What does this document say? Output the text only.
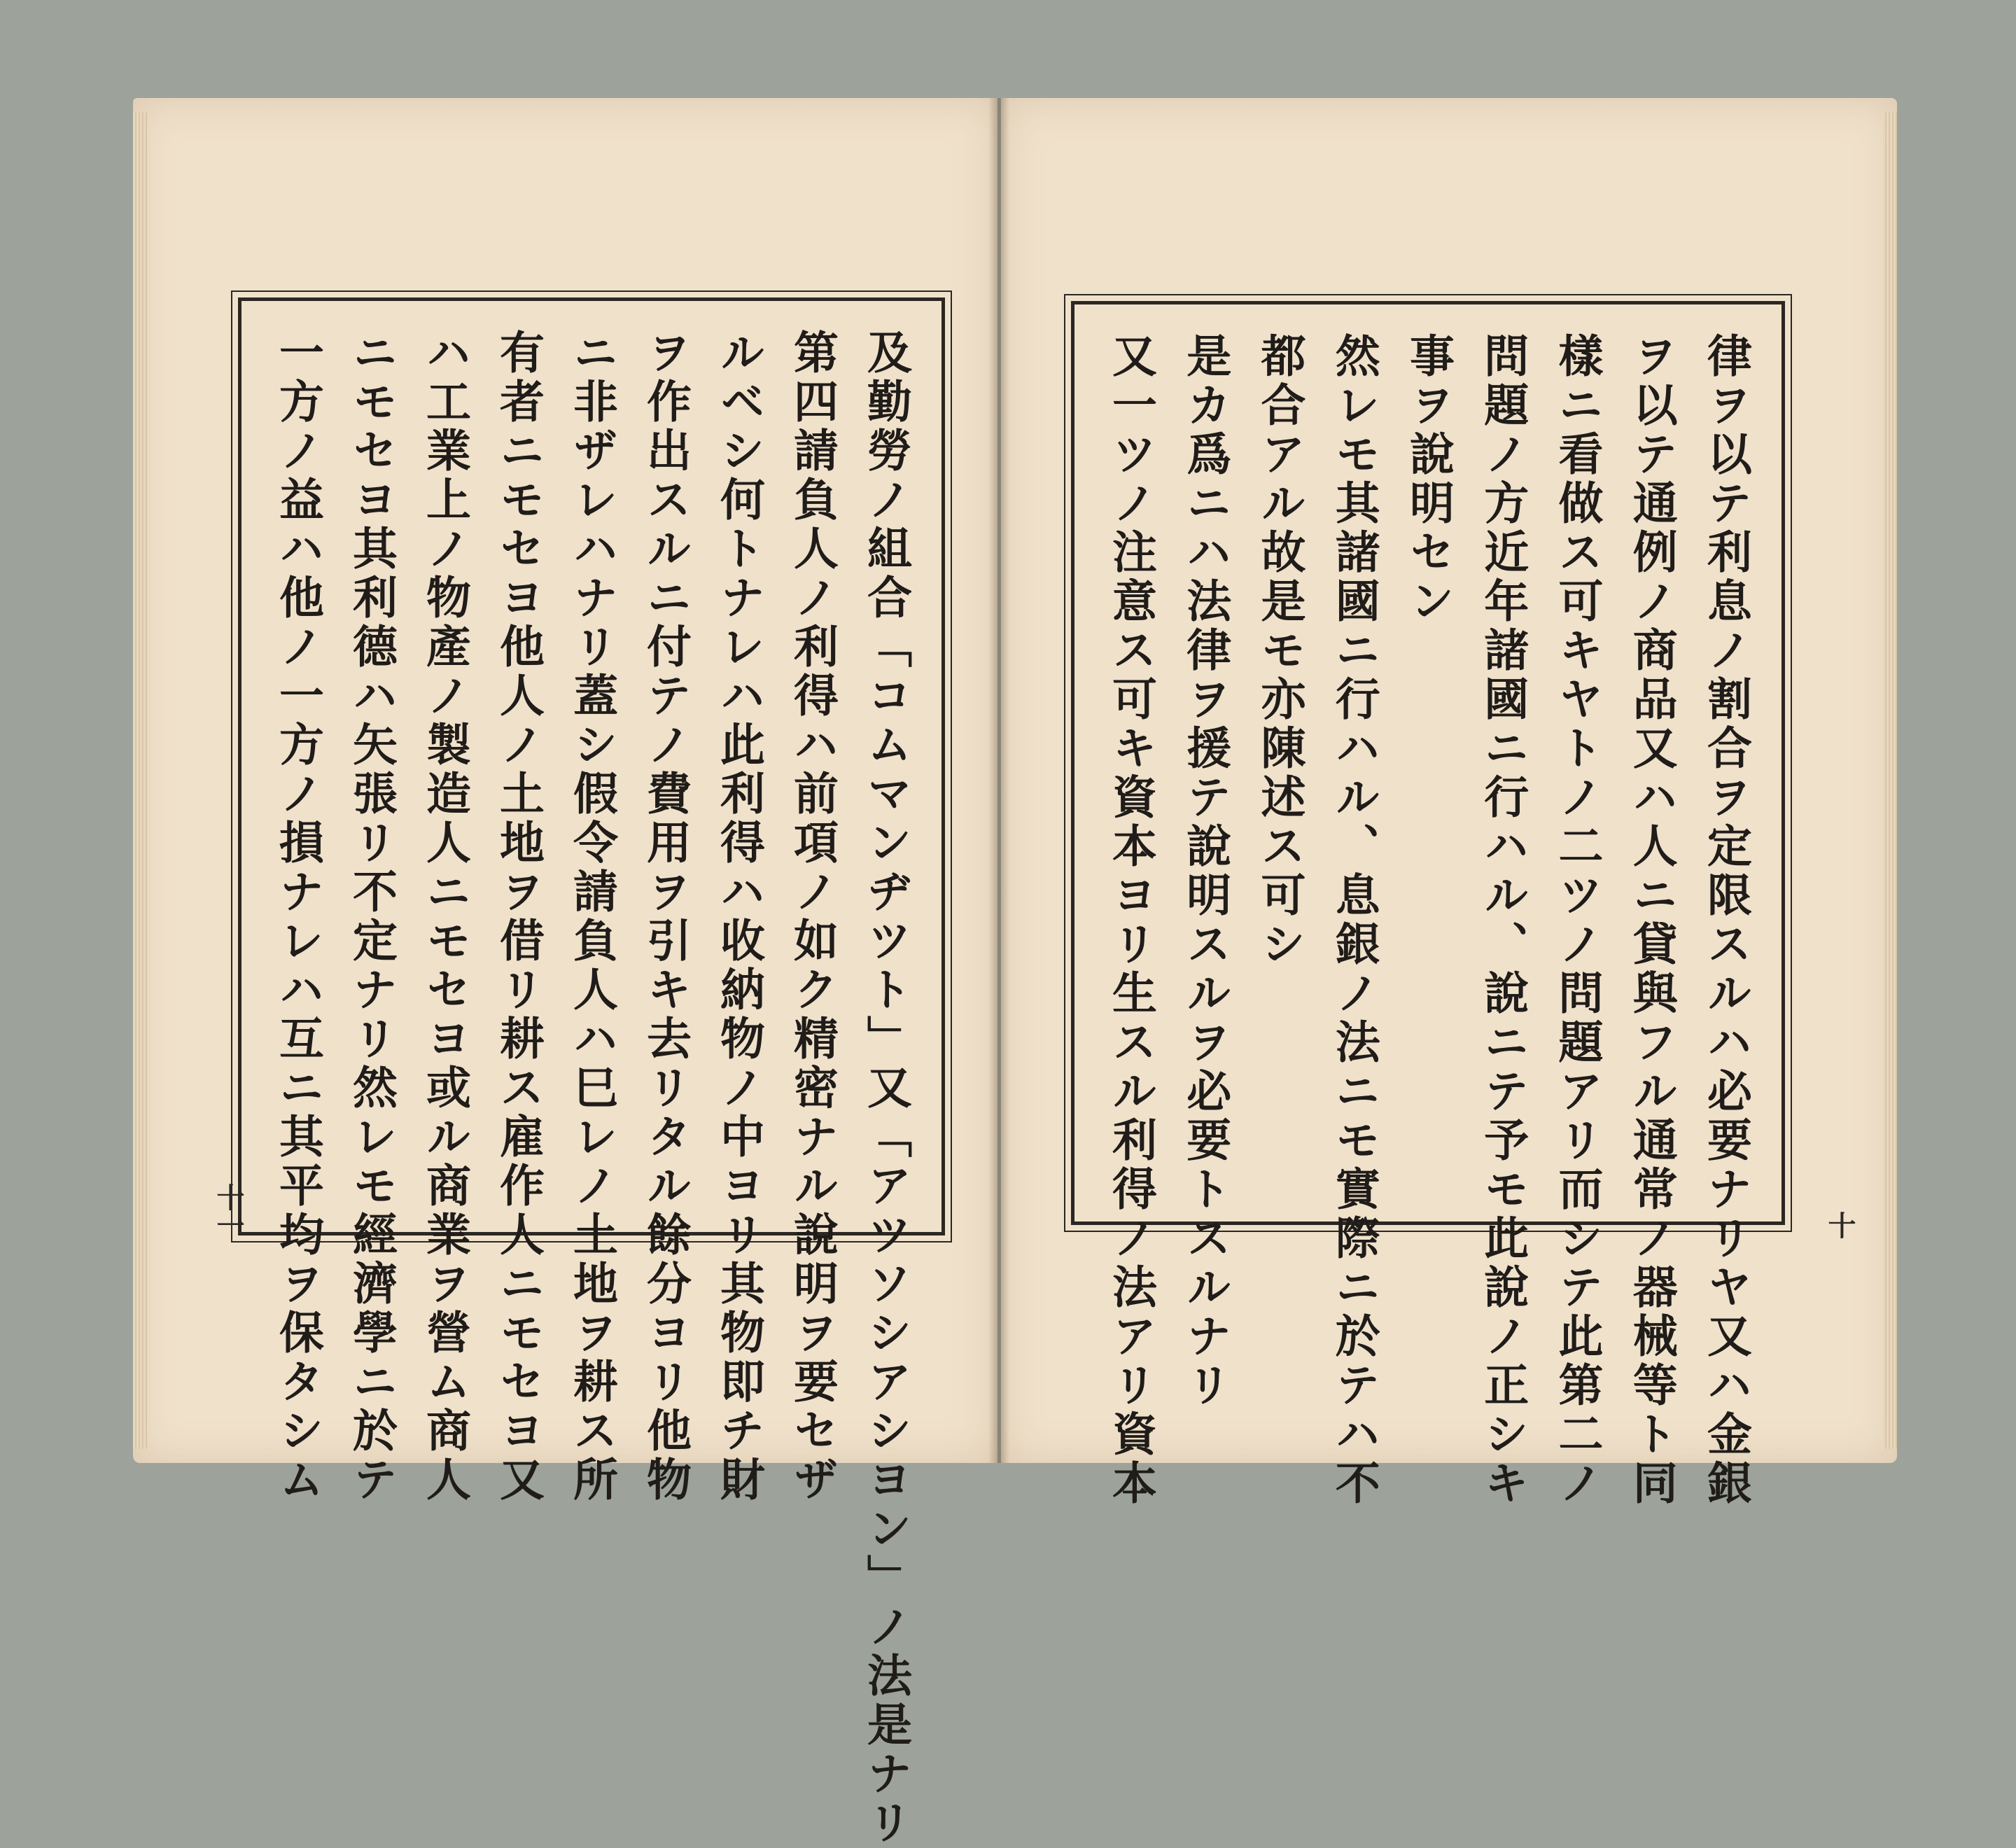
及勤勞ノ組合「コムマンヂツト」又「アツソシアシヨン」ノ法是ナリ
第四請負人ノ利得ハ前項ノ如ク精密ナル說明ヲ要セザ
ルベシ何トナレハ此利得ハ收納物ノ中ヨリ其物即チ財
ヲ作出スルニ付テノ費用ヲ引キ去リタル餘分ヨリ他物
ニ非ザレハナリ蓋シ假令請負人ハ巳レノ土地ヲ耕ス所
有者ニモセヨ他人ノ土地ヲ借リ耕ス雇作人ニモセヨ又
ハ工業上ノ物產ノ製造人ニモセヨ或ル商業ヲ營ム商人
ニモセヨ其利德ハ矢張リ不定ナリ然レモ經濟學ニ於テ
一方ノ益ハ他ノ一方ノ損ナレハ互ニ其平均ヲ保タシム
十一	律ヲ以テ利息ノ割合ヲ定限スルハ必要ナリヤ又ハ金銀
ヲ以テ通例ノ商品又ハ人ニ貸與フル通常ノ器械等ト同
樣ニ看做ス可キヤトノ二ツノ問題アリ而シテ此第二ノ
問題ノ方近年諸國ニ行ハル、說ニテ予モ此說ノ正シキ
事ヲ說明セン
然レモ其諸國ニ行ハル、息銀ノ法ニモ實際ニ於テハ不
都合アル故是モ亦陳述ス可シ
是カ爲ニハ法律ヲ援テ說明スルヲ必要トスルナリ
又一ツノ注意ス可キ資本ヨリ生スル利得ノ法アリ資本	十
